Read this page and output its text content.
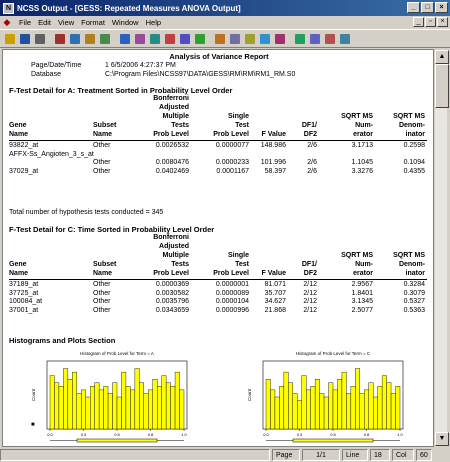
N NCSS Output - [GESS: Repeated Measures ANOVA Output]	_	□	×
◆ File Edit View Format Window Help	_	▫	×
Analysis of Variance Report
Page/Date/Time	1 6/5/2006 4:27:37 PM
Database	C:\Program Files\NCSS97\DATA\GESS\RM\RM\RM1_RM.S0
F-Test Detail for A: Treatment Sorted in Probability Level Order
Bonferroni
Adjusted
Multiple	Single	SQRT MS	SQRT MS
Gene	Subset	Tests	Test	DF1/	Num-	Denom-
Name	Name	Prob Level	Prob Level F Value	DF2	erator	inator
93822_at	Other	0.0026532	0.0000077 148.986	2/6	3.1713	0.2598
AFFX-Ss_Angioten_3_s_at
Other	0.0080476	0.0000233 101.996	2/6	1.1045	0.1094
37029_at	Other	0.0402469	0.0001167 58.397	2/6	3.3276	0.4355
Total number of hypothesis tests conducted = 345
F-Test Detail for C: Time Sorted in Probability Level Order
Bonferroni
Adjusted
Multiple	Single	SQRT MS	SQRT MS
Gene	Subset	Tests	Test	DF1/	Num-	Denom-
Name	Name	Prob Level	Prob Level F Value	DF2	erator	inator
37189_at	Other	0.0000369	0.0000001 81.071 2/12	2.9567	0.3284
37725_at	Other	0.0030582	0.0000089 35.707 2/12	1.8401	0.3079
100084_at	Other	0.0035796	0.0000104 34.627 2/12	3.1345	0.5327
37001_at	Other	0.0343659	0.0000996 21.868 2/12	2.5077	0.5363
Histograms and Plots Section
Histogram of Prob Level for Term = A
Count
0.0	0.3	0.5	0.8	1.0
Prob Level for Term = A
Histogram of Prob Level for Term = C
Count
0.0	0.3	0.5	0.8	1.0
Prob Level for Term = C
■
▲
▼
Page	1/1	Line	18	Col	60
